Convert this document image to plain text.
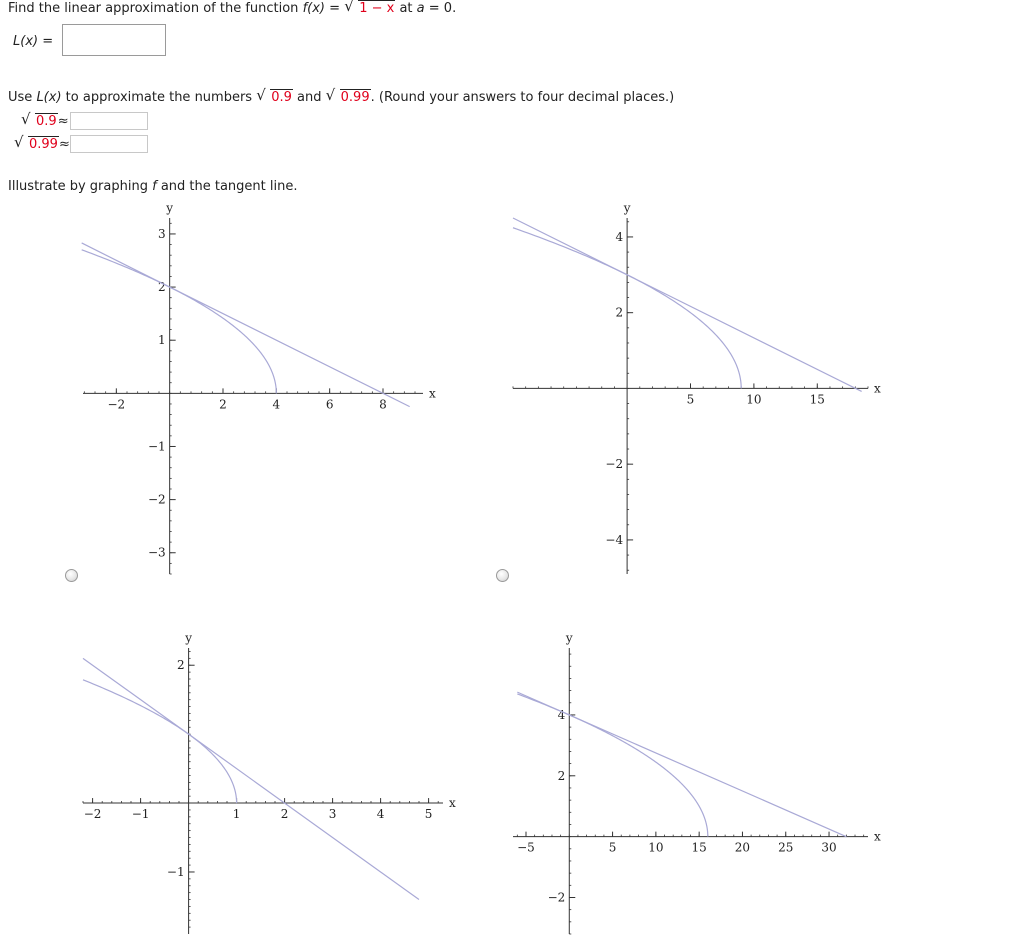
Find the linear approximation of the function f(x) = √ 1 − x at a = 0.
L(x) =
Use L(x) to approximate the numbers √ 0.9 and √ 0.99. (Round your answers to four decimal places.)
√ 0.9≈
√ 0.99≈
Illustrate by graphing f and the tangent line.
−2	2	4	6	8
−3
−2
−1
1
2
3
x
y
5	10	15
−4
−2
2
4
x
y
−2	−1	1	2	3	4	5
−1
2
x
y
−5	5	10 15 20 25 30
−2
2
4
x
y
